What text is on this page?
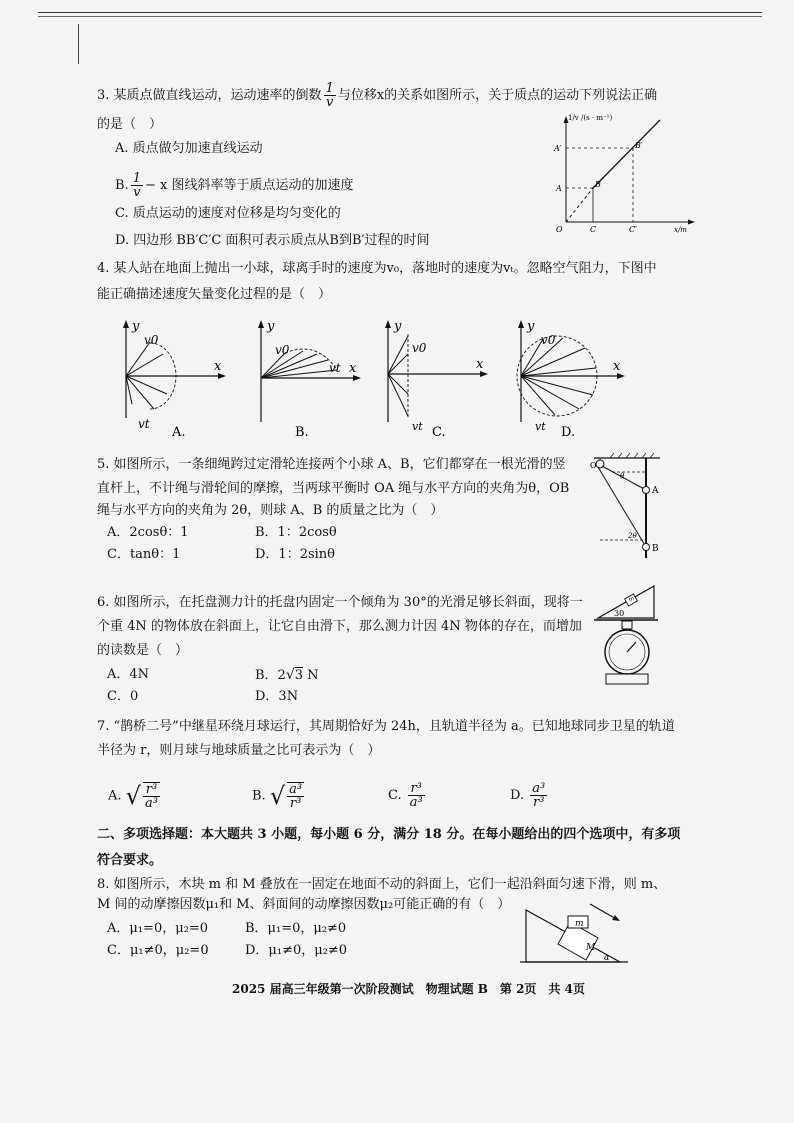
3. 某质点做直线运动，运动速率的倒数 $\frac{1}{v}$ 与位移x的关系如图所示，关于质点的运动下列说法正确
的是（　）
A. 质点做匀加速直线运动
B. $\frac{1}{v} - x$ 图线斜率等于质点运动的加速度
C. 质点运动的速度对位移是均匀变化的
D. 四边形 BB′C′C 面积可表示质点从B到B′过程的时间
1/v /(s · m⁻¹)
A′
A	B
B′
O	C	C′	x/m
4. 某人站在地面上抛出一小球，球离手时的速度为v₀，落地时的速度为vₜ。忽略空气阻力，下图中
能正确描述速度矢量变化过程的是（　）
y
x
v0
vt
A.
y
x
v0
vt
B.
y
x
v0
vt C.
y
x
v0
vt D.
5. 如图所示，一条细绳跨过定滑轮连接两个小球 A、B，它们都穿在一根光滑的竖
直杆上，不计绳与滑轮间的摩擦，当两球平衡时 OA 绳与水平方向的夹角为θ，OB
绳与水平方向的夹角为 2θ，则球 A、B 的质量之比为（　）
A．2cosθ：1	B．1：2cosθ
C．tanθ：1	D．1：2sinθ
O
A
B
θ
2θ
6. 如图所示，在托盘测力计的托盘内固定一个倾角为 30°的光滑足够长斜面，现将一
个重 4N 的物体放在斜面上，让它自由滑下，那么测力计因 4N 物体的存在，而增加
的读数是（　）
A．4N	B．2√3 N
C．0	D．3N
m
30
7. “鹊桥二号”中继星环绕月球运行，其周期恰好为 24h，且轨道半径为 a。已知地球同步卫星的轨道
半径为 r，则月球与地球质量之比可表示为（　）
A. √ $\frac{\text{r³}}{\text{a³}}$	B. √ $\frac{\text{a³}}{\text{r³}}$	C. $\frac{\text{r³}}{\text{a³}}$	D. $\frac{\text{a³}}{\text{r³}}$
二、多项选择题：本大题共 3 小题，每小题 6 分，满分 18 分。在每小题给出的四个选项中，有多项
符合要求。
8. 如图所示，木块 m 和 M 叠放在一固定在地面不动的斜面上，它们一起沿斜面匀速下滑，则 m、
M 间的动摩擦因数μ₁和 M、斜面间的动摩擦因数μ₂可能正确的有（　）
A．μ₁=0，μ₂=0	B．μ₁=0，μ₂≠0
C．μ₁≠0，μ₂=0	D．μ₁≠0，μ₂≠0
m
M
α
2025 届高三年级第一次阶段测试　物理试题 B　第 2页　共 4页
